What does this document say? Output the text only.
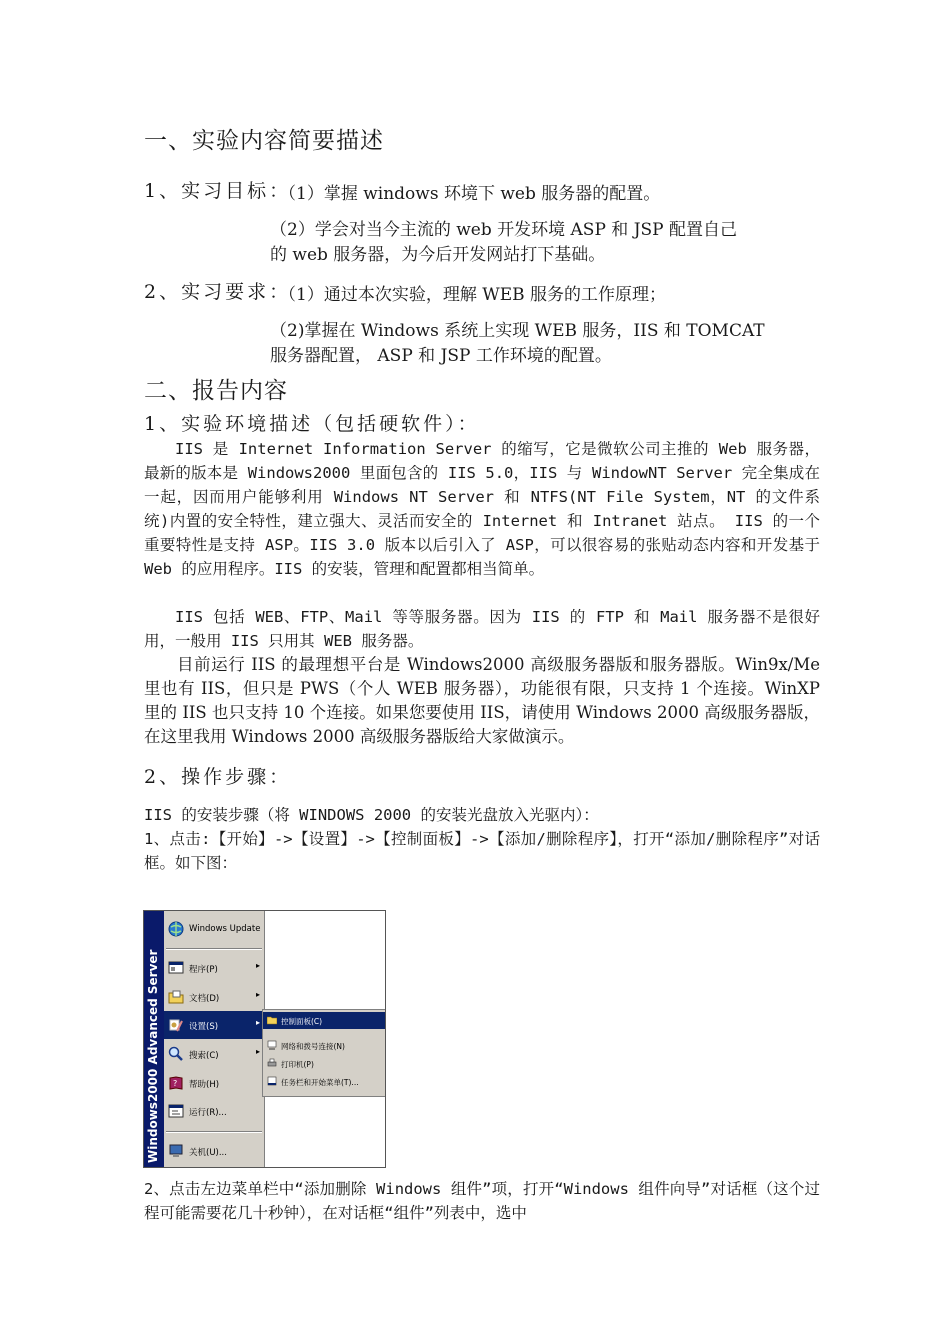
一、实验内容简要描述
1、实习目标：
（1）掌握 windows 环境下 web 服务器的配置。
（2）学会对当今主流的 web 开发环境 ASP 和 JSP 配置自己
的 web 服务器，为今后开发网站打下基础。
2、实习要求：
（1）通过本次实验，理解 WEB 服务的工作原理；
（2)掌握在 Windows 系统上实现 WEB 服务，IIS 和 TOMCAT
服务器配置， ASP 和 JSP 工作环境的配置。
二、报告内容
1、实验环境描述（包括硬软件）：
IIS 是 Internet Information Server 的缩写，它是微软公司主推的 Web 服务器， 最新的版本是 Windows2000 里面包含的 IIS 5.0，IIS 与 WindowNT Server 完全集成在一起，因而用户能够利用 Windows NT Server 和 NTFS(NT File System，NT 的文件系统)内置的安全特性，建立强大、灵活而安全的 Internet 和 Intranet 站点。 IIS 的一个重要特性是支持 ASP。IIS 3.0 版本以后引入了 ASP，可以很容易的张贴动态内容和开发基于 Web 的应用程序。IIS 的安装，管理和配置都相当简单。
IIS 包括 WEB、FTP、Mail 等等服务器。因为 IIS 的 FTP 和 Mail 服务器不是很好用，一般用 IIS 只用其 WEB 服务器。
目前运行 IIS 的最理想平台是 Windows2000 高级服务器版和服务器版。Win9x/Me 里也有 IIS，但只是 PWS（个人 WEB 服务器），功能很有限，只支持 1 个连接。WinXP 里的 IIS 也只支持 10 个连接。如果您要使用 IIS，请使用 Windows 2000 高级服务器版，在这里我用 Windows 2000 高级服务器版给大家做演示。
2、操作步骤：
IIS 的安装步骤（将 WINDOWS 2000 的安装光盘放入光驱内）：
1、点击:【开始】->【设置】->【控制面板】->【添加/删除程序】，打开“添加/删除程序”对话框。如下图：
Windows2000 Advanced Server
Windows Update
程序(P)	▸
文档(D)	▸
设置(S)	▸
搜索(C)	▸
? 帮助(H)
运行(R)...
关机(U)...
控制面板(C)
网络和拨号连接(N)
打印机(P)
任务栏和开始菜单(T)...
2、点击左边菜单栏中“添加删除 Windows 组件”项，打开“Windows 组件向导”对话框（这个过程可能需要花几十秒钟），在对话框“组件”列表中，选中
